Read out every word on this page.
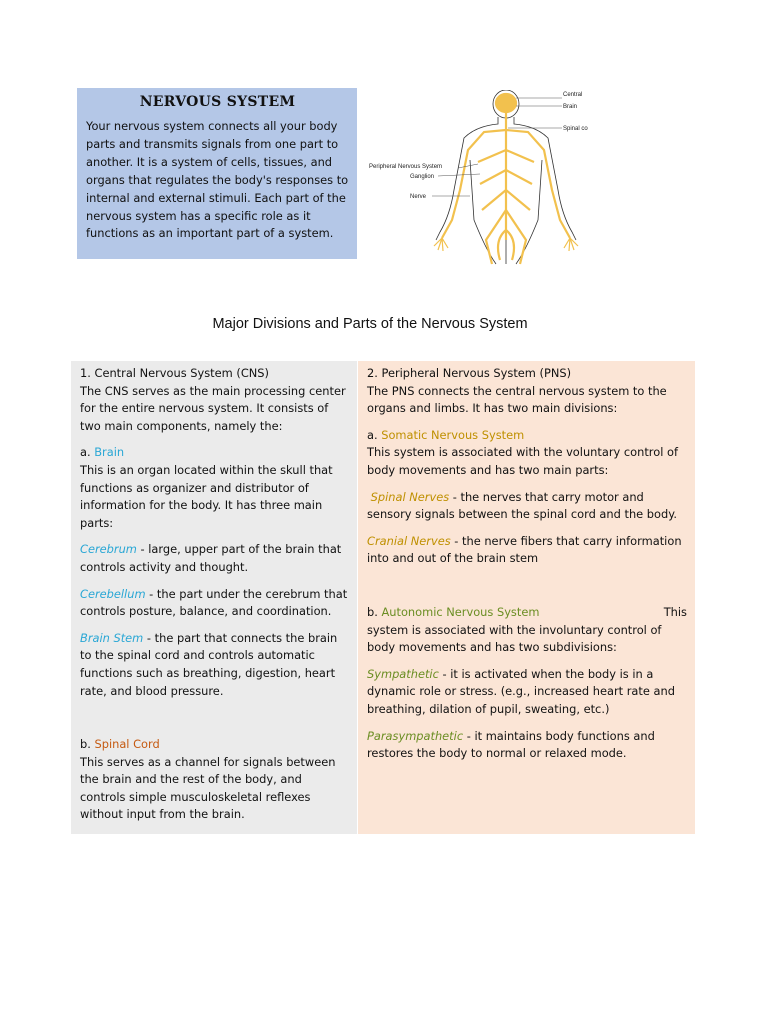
NERVOUS SYSTEM

Your nervous system connects all your body parts and transmits signals from one part to another. It is a system of cells, tissues, and organs that regulates the body's responses to internal and external stimuli. Each part of the nervous system has a specific role as it functions as an important part of a system.

Central
Brain
Spinal co
Peripheral Nervous System
Ganglion
Nerve
Major Divisions and Parts of the Nervous System

1. Central Nervous System (CNS)

The CNS serves as the main processing center for the entire nervous system. It consists of two main components, namely the:

a. Brain

This is an organ located within the skull that functions as organizer and distributor of information for the body. It has three main parts:

Cerebrum - large, upper part of the brain that controls activity and thought.

Cerebellum - the part under the cerebrum that controls posture, balance, and coordination.

Brain Stem - the part that connects the brain to the spinal cord and controls automatic functions such as breathing, digestion, heart rate, and blood pressure.

b. Spinal Cord

This serves as a channel for signals between the brain and the rest of the body, and controls simple musculoskeletal reflexes without input from the brain.

2. Peripheral Nervous System (PNS)

The PNS connects the central nervous system to the organs and limbs. It has two main divisions:

a. Somatic Nervous System

This system is associated with the voluntary control of body movements and has two main parts:

Spinal Nerves - the nerves that carry motor and sensory signals between the spinal cord and the body.

Cranial Nerves - the nerve fibers that carry information into and out of the brain stem

b. Autonomic Nervous System	This

system is associated with the involuntary control of body movements and has two subdivisions:

Sympathetic - it is activated when the body is in a dynamic role or stress. (e.g., increased heart rate and breathing, dilation of pupil, sweating, etc.)

Parasympathetic - it maintains body functions and restores the body to normal or relaxed mode.
